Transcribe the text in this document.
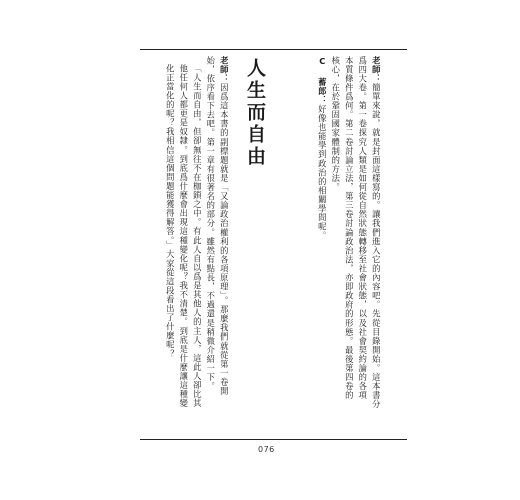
老師：簡單來說，就是封面這樣寫的。讓我們進入它的內容吧。先從目錄開始。這本書分
爲四大卷。第一卷探究人類是如何從自然狀態轉移至社會狀態，以及社會契約論的各項
本質條件爲何。第二卷討論立法，第三卷討論政治法，亦即政府的形態。最後第四卷的
核心，在於鞏固國家體制的方法。
C 蓄郎：好像也能學到政治的相關學問呢。
人生而自由
老師：因爲這本書的副標題就是「又論政治權利的各項原理」。那麼我們就從第一卷開
始，依序看下去吧。第一章有很著名的部分。雖然有點長，不過還是稍微介紹一下。
「人生而自由，但卻無往不在枷鎖之中。有此人自以爲是其他人的主人，這此人卻比其
他任何人都更是奴隸。到底爲什麼會出現這種變化呢？我不清楚。到底是什麼讓這種變
化正當化的呢？我相信這個問題能獲得解答。」大家從這段看出了什麼呢？
076
